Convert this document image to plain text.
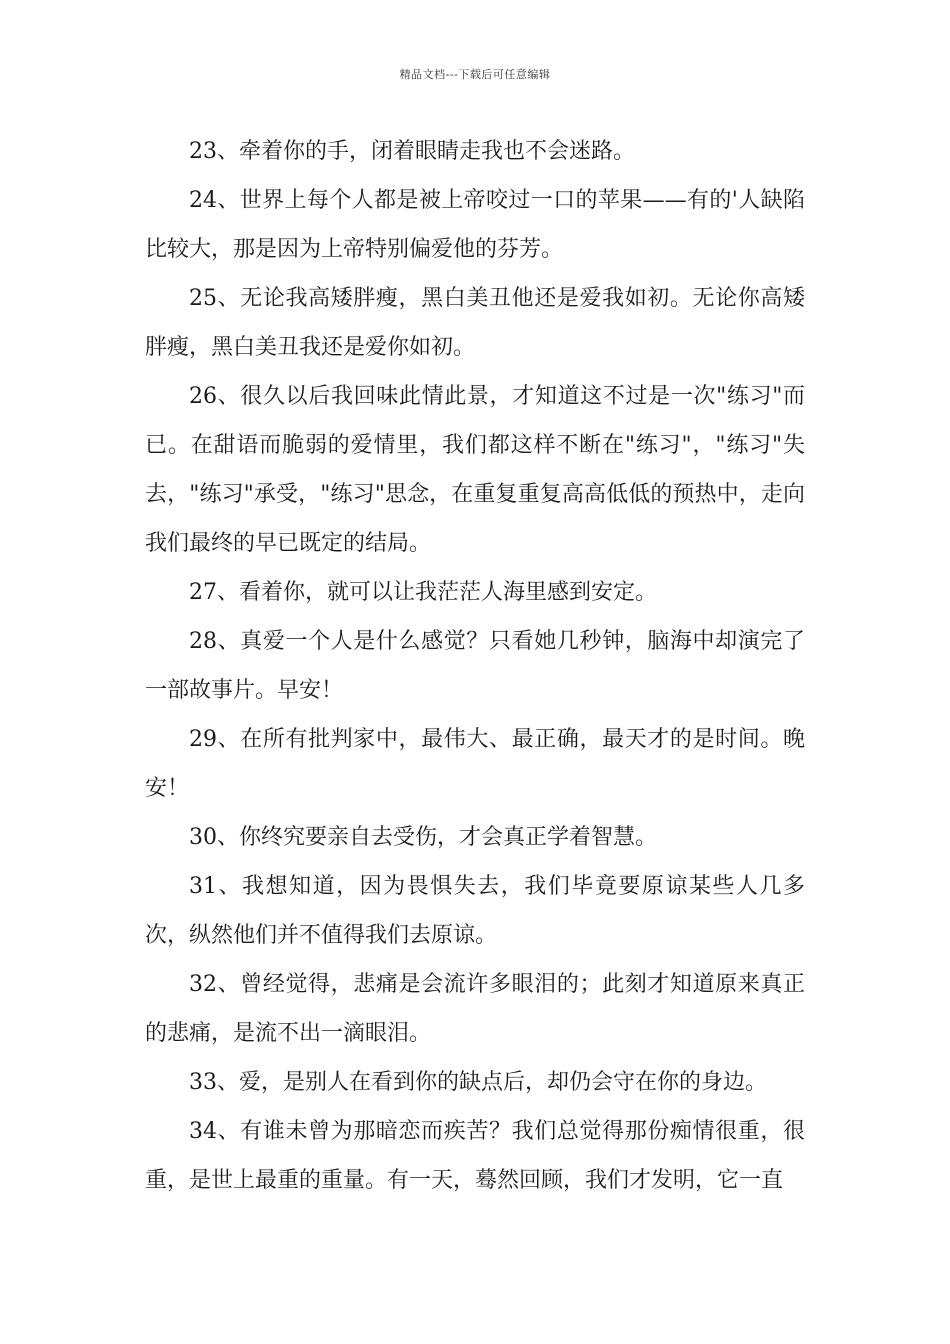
精品文档---下载后可任意编辑

23、牵着你的手，闭着眼睛走我也不会迷路。

24、世界上每个人都是被上帝咬过一口的苹果——有的'人缺陷比较大，那是因为上帝特别偏爱他的芬芳。

25、无论我高矮胖瘦，黑白美丑他还是爱我如初。无论你高矮胖瘦，黑白美丑我还是爱你如初。

26、很久以后我回味此情此景，才知道这不过是一次"练习"而已。在甜语而脆弱的爱情里，我们都这样不断在"练习"，"练习"失去，"练习"承受，"练习"思念，在重复重复高高低低的预热中，走向我们最终的早已既定的结局。

27、看着你，就可以让我茫茫人海里感到安定。

28、真爱一个人是什么感觉？只看她几秒钟，脑海中却演完了一部故事片。早安！

29、在所有批判家中，最伟大、最正确，最天才的是时间。晚安！

30、你终究要亲自去受伤，才会真正学着智慧。

31、我想知道，因为畏惧失去，我们毕竟要原谅某些人几多次，纵然他们并不值得我们去原谅。

32、曾经觉得，悲痛是会流许多眼泪的；此刻才知道原来真正的悲痛，是流不出一滴眼泪。

33、爱，是别人在看到你的缺点后，却仍会守在你的身边。

34、有谁未曾为那暗恋而疾苦？我们总觉得那份痴情很重，很重，是世上最重的重量。有一天，蓦然回顾，我们才发明，它一直
